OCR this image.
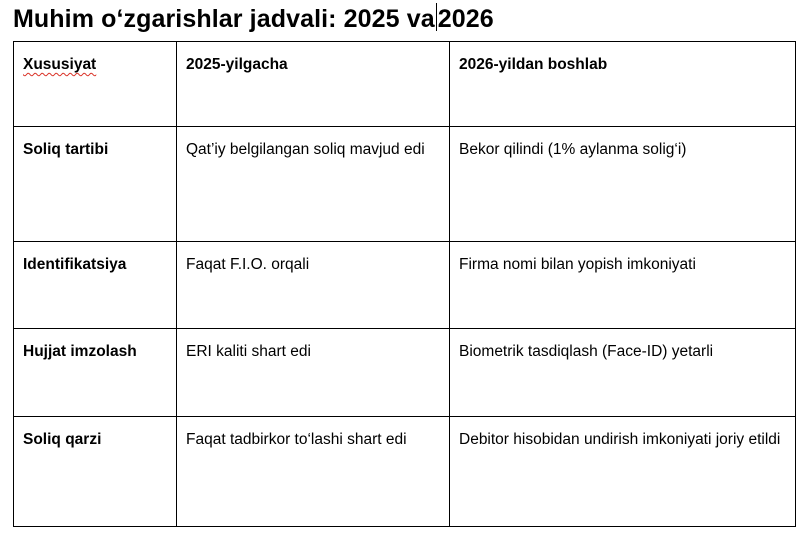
Muhim o‘zgarishlar jadvali: 2025 va 2026
Xususiyat	2025-yilgacha	2026-yildan boshlab
Soliq tartibi	Qat’iy belgilangan soliq mavjud edi	Bekor qilindi (1% aylanma solig‘i)
Identifikatsiya	Faqat F.I.O. orqali	Firma nomi bilan yopish imkoniyati
Hujjat imzolash	ERI kaliti shart edi	Biometrik tasdiqlash (Face-ID) yetarli
Soliq qarzi	Faqat tadbirkor to‘lashi shart edi	Debitor hisobidan undirish imkoniyati joriy etildi
